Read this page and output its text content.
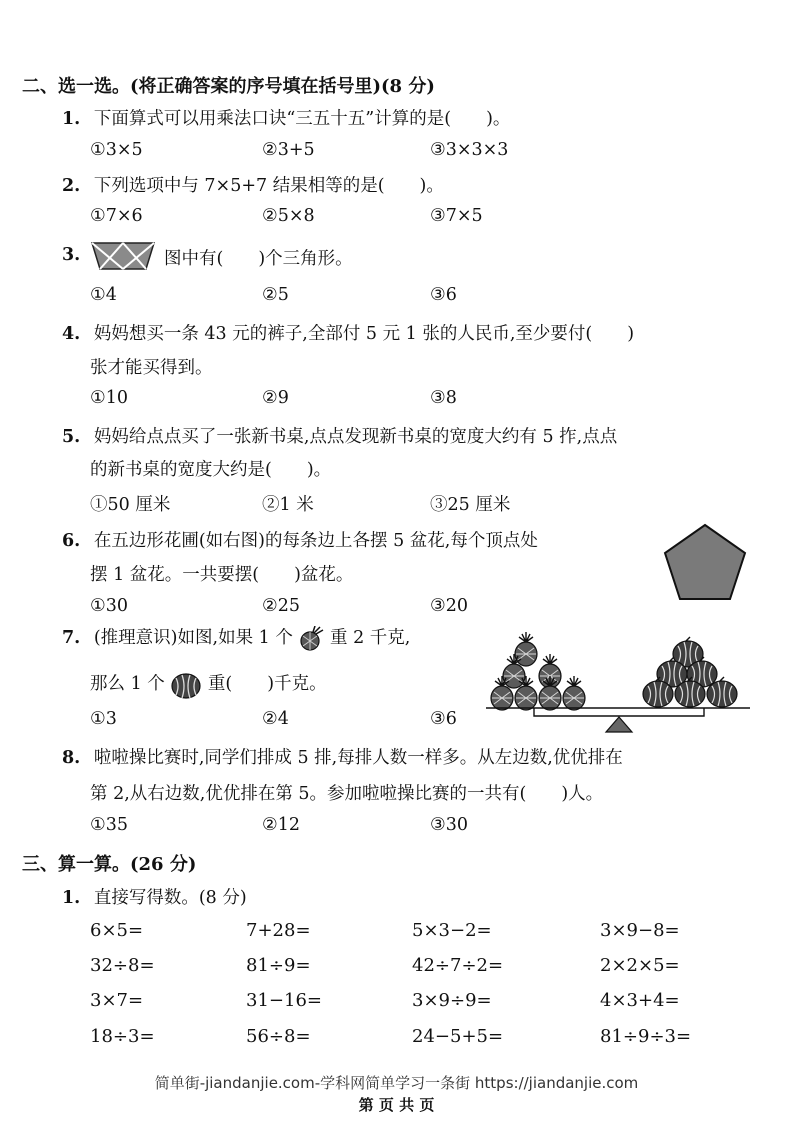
二、选一选。(将正确答案的序号填在括号里)(8 分)
1. 下面算式可以用乘法口诀“三五十五”计算的是(　　)。
①3×5	②3+5	③3×3×3
2. 下列选项中与 7×5+7 结果相等的是(　　)。
①7×6	②5×8	③7×5
3.	图中有(　　)个三角形。
①4	②5	③6
4. 妈妈想买一条 43 元的裤子,全部付 5 元 1 张的人民币,至少要付(　　)
张才能买得到。
①10	②9	③8
5. 妈妈给点点买了一张新书桌,点点发现新书桌的宽度大约有 5 拃,点点
的新书桌的宽度大约是(　　)。
①50 厘米	②1 米	③25 厘米
6. 在五边形花圃(如右图)的每条边上各摆 5 盆花,每个顶点处
摆 1 盆花。一共要摆(　　)盆花。
①30	②25	③20
7. (推理意识)如图,如果 1 个 重 2 千克,
那么 1 个 重(　　)千克。
①3	②4	③6
8. 啦啦操比赛时,同学们排成 5 排,每排人数一样多。从左边数,优优排在
第 2,从右边数,优优排在第 5。参加啦啦操比赛的一共有(　　)人。
①35	②12	③30
三、算一算。(26 分)
1. 直接写得数。(8 分)
6×5=	7+28=	5×3−2=	3×9−8=
32÷8=	81÷9=	42÷7÷2=	2×2×5=
3×7=	31−16=	3×9÷9=	4×3+4=
18÷3=	56÷8=	24−5+5=	81÷9÷3=
简单街-jiandanjie.com-学科网简单学习一条街 https://jiandanjie.com
第 页 共 页
